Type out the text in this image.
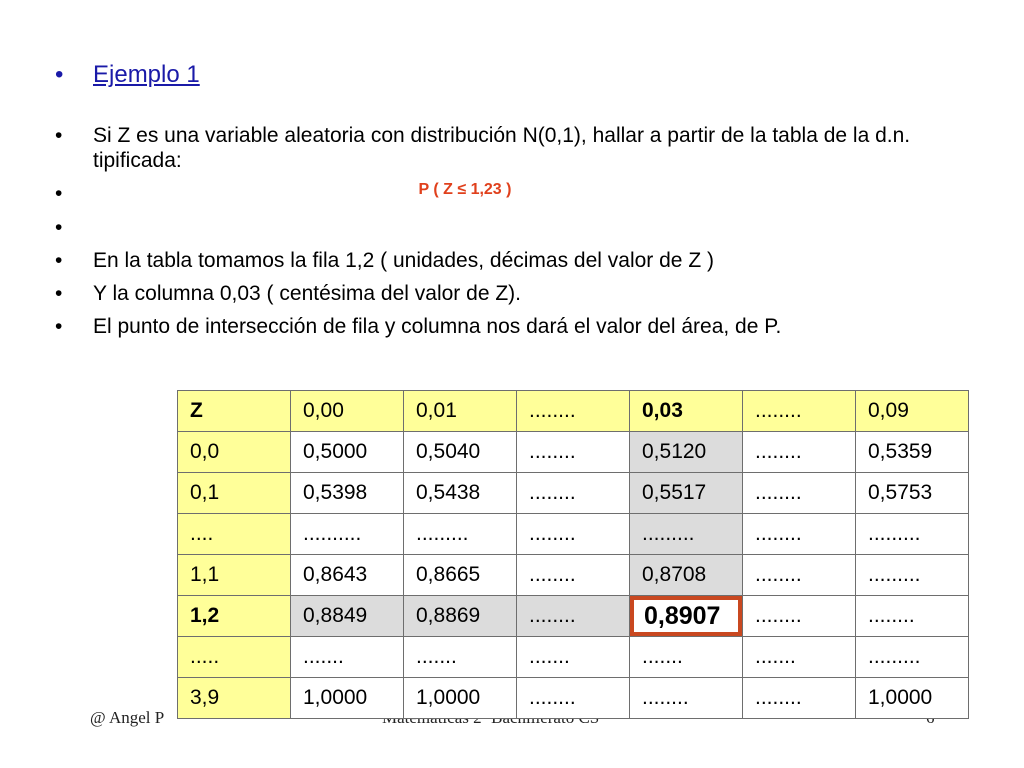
• Ejemplo 1

• Si Z es una variable aleatoria con distribución N(0,1), hallar a partir de la tabla de la d.n. tipificada:

•	P ( Z ≤ 1,23 )

•

• En la tabla tomamos la fila 1,2 ( unidades, décimas del valor de Z )

• Y la columna 0,03 ( centésima del valor de Z).

• El punto de intersección de fila y columna nos dará el valor del área, de P.

@ Angel P
Z	0,00	0,01	........	0,03	........	0,09
0,0	0,5000	0,5040	........	0,5120	........	0,5359
0,1	0,5398	0,5438	........	0,5517	........	0,5753
....	..........	.........	........	.........	........	.........
1,1	0,8643	0,8665	........	0,8708	........	.........
1,2	0,8849	0,8869	........	0,8907	........	........
.....	.......	.......	.......	.......	.......	.........
3,9	1,0000	1,0000	........	........	........	1,0000
